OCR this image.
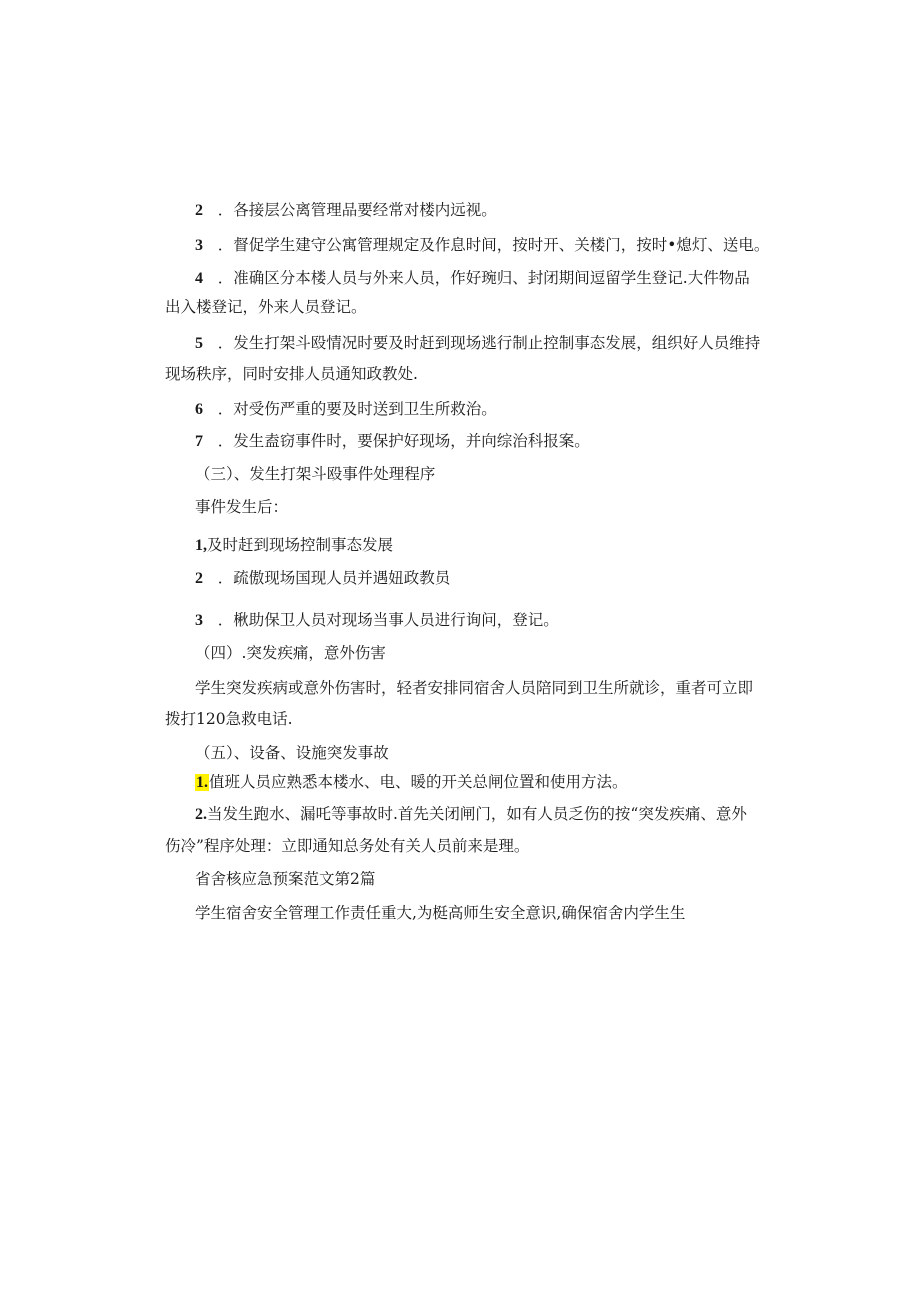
2 ．各接层公离管理品要经常对楼内远视。
3 ．督促学生建守公寓管理规定及作息时间，按时开、关楼门，按时•熄灯、送电。
4 ．准确区分本楼人员与外来人员，作好琬归、封闭期间逗留学生登记.大件物品
出入楼登记，外来人员登记。
5 ．发生打架斗殴情况时要及时赶到现场逃行制止控制事态发展，组织好人员维持
现场秩序，同时安排人员通知政教处.
6 ．对受伤严重的要及时送到卫生所救治。
7 ．发生盍窃事件时，要保护好现场，并向综治科报案。
（三）、发生打架斗殴事件处理程序
事件发生后：
1,及时赶到现场控制事态发展
2 ．疏傲现场国现人员并遇妞政教员
3 ．楸助保卫人员对现场当事人员进行询问，登记。
（四）.突发疾痛，意外伤害
学生突发疾病或意外伤害时，轻者安排同宿舍人员陪同到卫生所就诊，重者可立即
拨打120急救电话.
（五）、设备、设施突发事故
1.值班人员应熟悉本楼水、电、暖的开关总闸位置和使用方法。
2.当发生跑水、漏吒等事故时.首先关闭闸门，如有人员乏伤的按“突发疾痛、意外
伤冷”程序处理：立即通知总务处有关人员前来是理。
省舍核应急预案范文第2篇
学生宿舍安全管理工作责任重大,为梃高师生安全意识,确保宿舍内学生生
